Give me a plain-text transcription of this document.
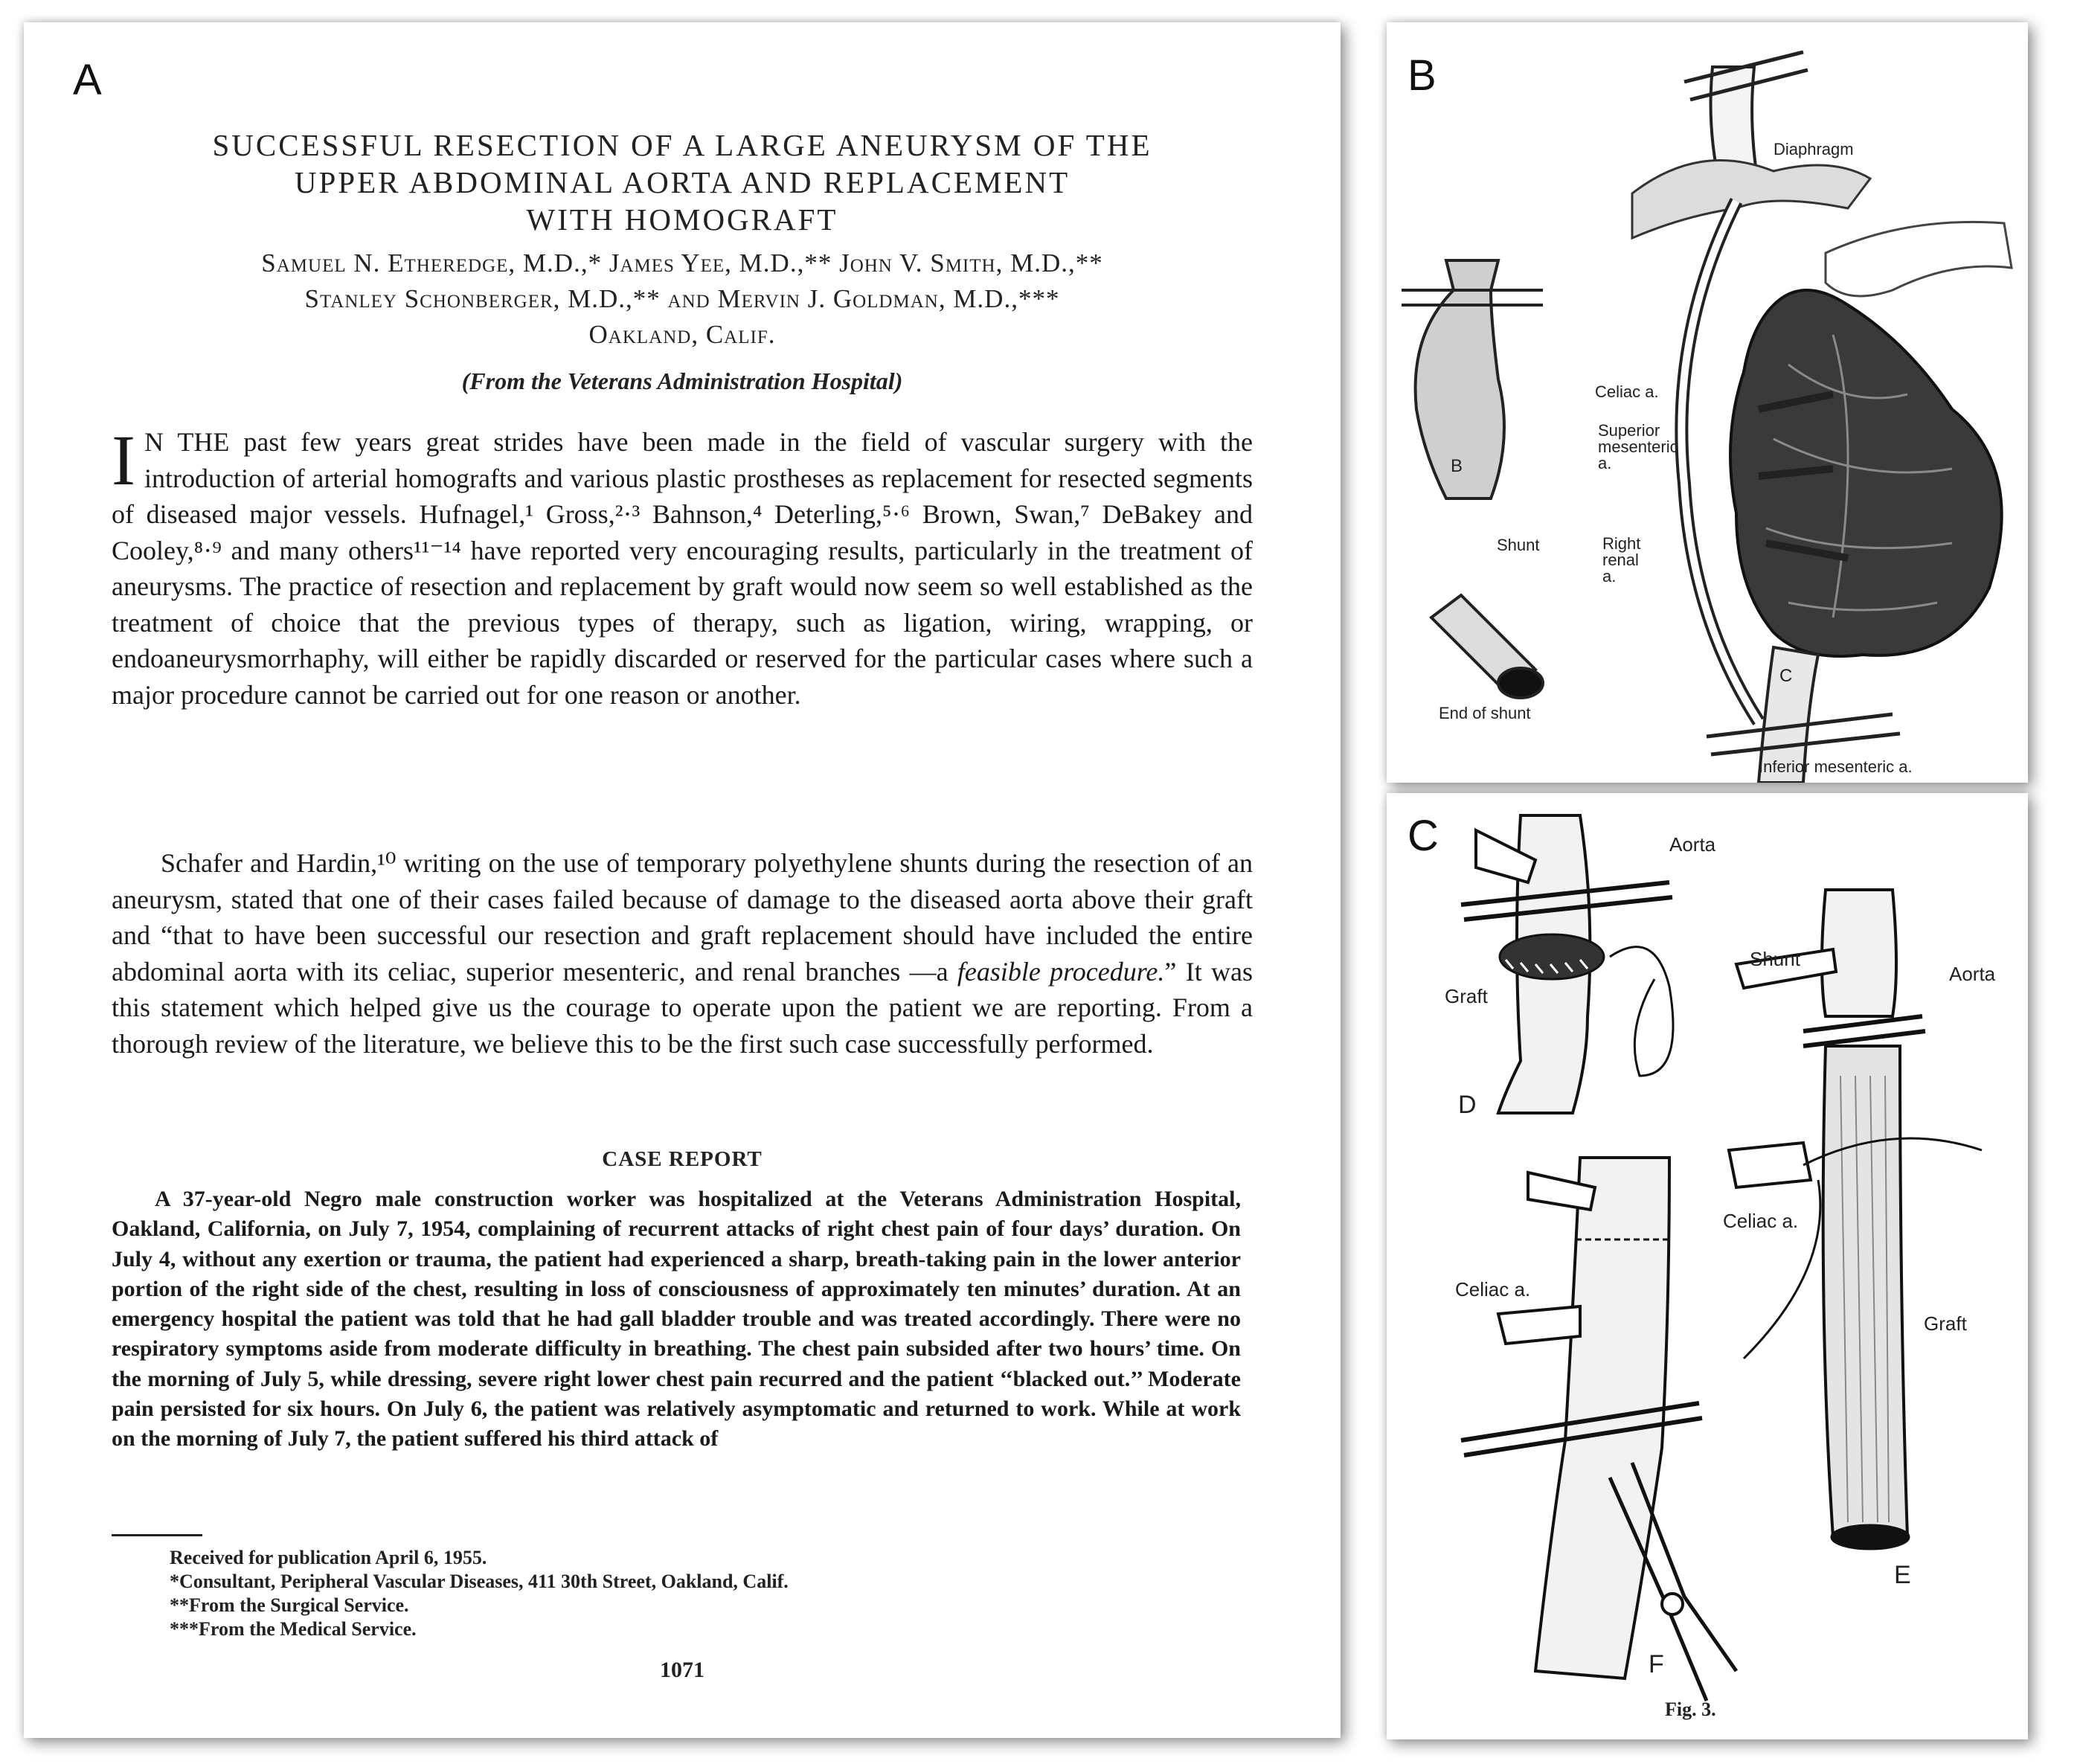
A
SUCCESSFUL RESECTION OF A LARGE ANEURYSM OF THE
UPPER ABDOMINAL AORTA AND REPLACEMENT
WITH HOMOGRAFT
Samuel N. Etheredge, M.D.,* James Yee, M.D.,** John V. Smith, M.D.,**
Stanley Schonberger, M.D.,** and Mervin J. Goldman, M.D.,***
Oakland, Calif.
(From the Veterans Administration Hospital)
I N THE past few years great strides have been made in the field of vascular surgery with the introduction of arterial homografts and various plastic prostheses as replacement for resected segments of diseased major vessels. Hufnagel,¹ Gross,²·³ Bahnson,⁴ Deterling,⁵·⁶ Brown, Swan,⁷ DeBakey and Cooley,⁸·⁹ and many others¹¹⁻¹⁴ have reported very encouraging results, particularly in the treatment of aneurysms. The practice of resection and replacement by graft would now seem so well established as the treatment of choice that the previous types of therapy, such as ligation, wiring, wrapping, or endoaneurysmorrhaphy, will either be rapidly discarded or reserved for the particular cases where such a major procedure cannot be carried out for one reason or another.
Schafer and Hardin,¹⁰ writing on the use of temporary polyethylene shunts during the resection of an aneurysm, stated that one of their cases failed because of damage to the diseased aorta above their graft and “that to have been successful our resection and graft replacement should have included the entire abdominal aorta with its celiac, superior mesenteric, and renal branches —a feasible procedure.” It was this statement which helped give us the courage to operate upon the patient we are reporting. From a thorough review of the literature, we believe this to be the first such case successfully performed.
CASE REPORT
A 37-year-old Negro male construction worker was hospitalized at the Veterans Administration Hospital, Oakland, California, on July 7, 1954, complaining of recurrent attacks of right chest pain of four days’ duration. On July 4, without any exertion or trauma, the patient had experienced a sharp, breath-taking pain in the lower anterior portion of the right side of the chest, resulting in loss of consciousness of approximately ten minutes’ duration. At an emergency hospital the patient was told that he had gall bladder trouble and was treated accordingly. There were no respiratory symptoms aside from moderate difficulty in breathing. The chest pain subsided after two hours’ time. On the morning of July 5, while dressing, severe right lower chest pain recurred and the patient ‘‘blacked out.’’ Moderate pain persisted for six hours. On July 6, the patient was relatively asymptomatic and returned to work. While at work on the morning of July 7, the patient suffered his third attack of
Received for publication April 6, 1955.
*Consultant, Peripheral Vascular Diseases, 411 30th Street, Oakland, Calif.
**From the Surgical Service.
***From the Medical Service.
1071
B
Diaphragm
Celiac a.
Superior
mesenteric
a.
Shunt	Right
renal
a.
B
End of shunt
C
Inferior mesenteric a.
C	Aorta
Graft
D
Shunt
Aorta
Celiac a.
Celiac a.
Graft
E
F
Fig. 3.
